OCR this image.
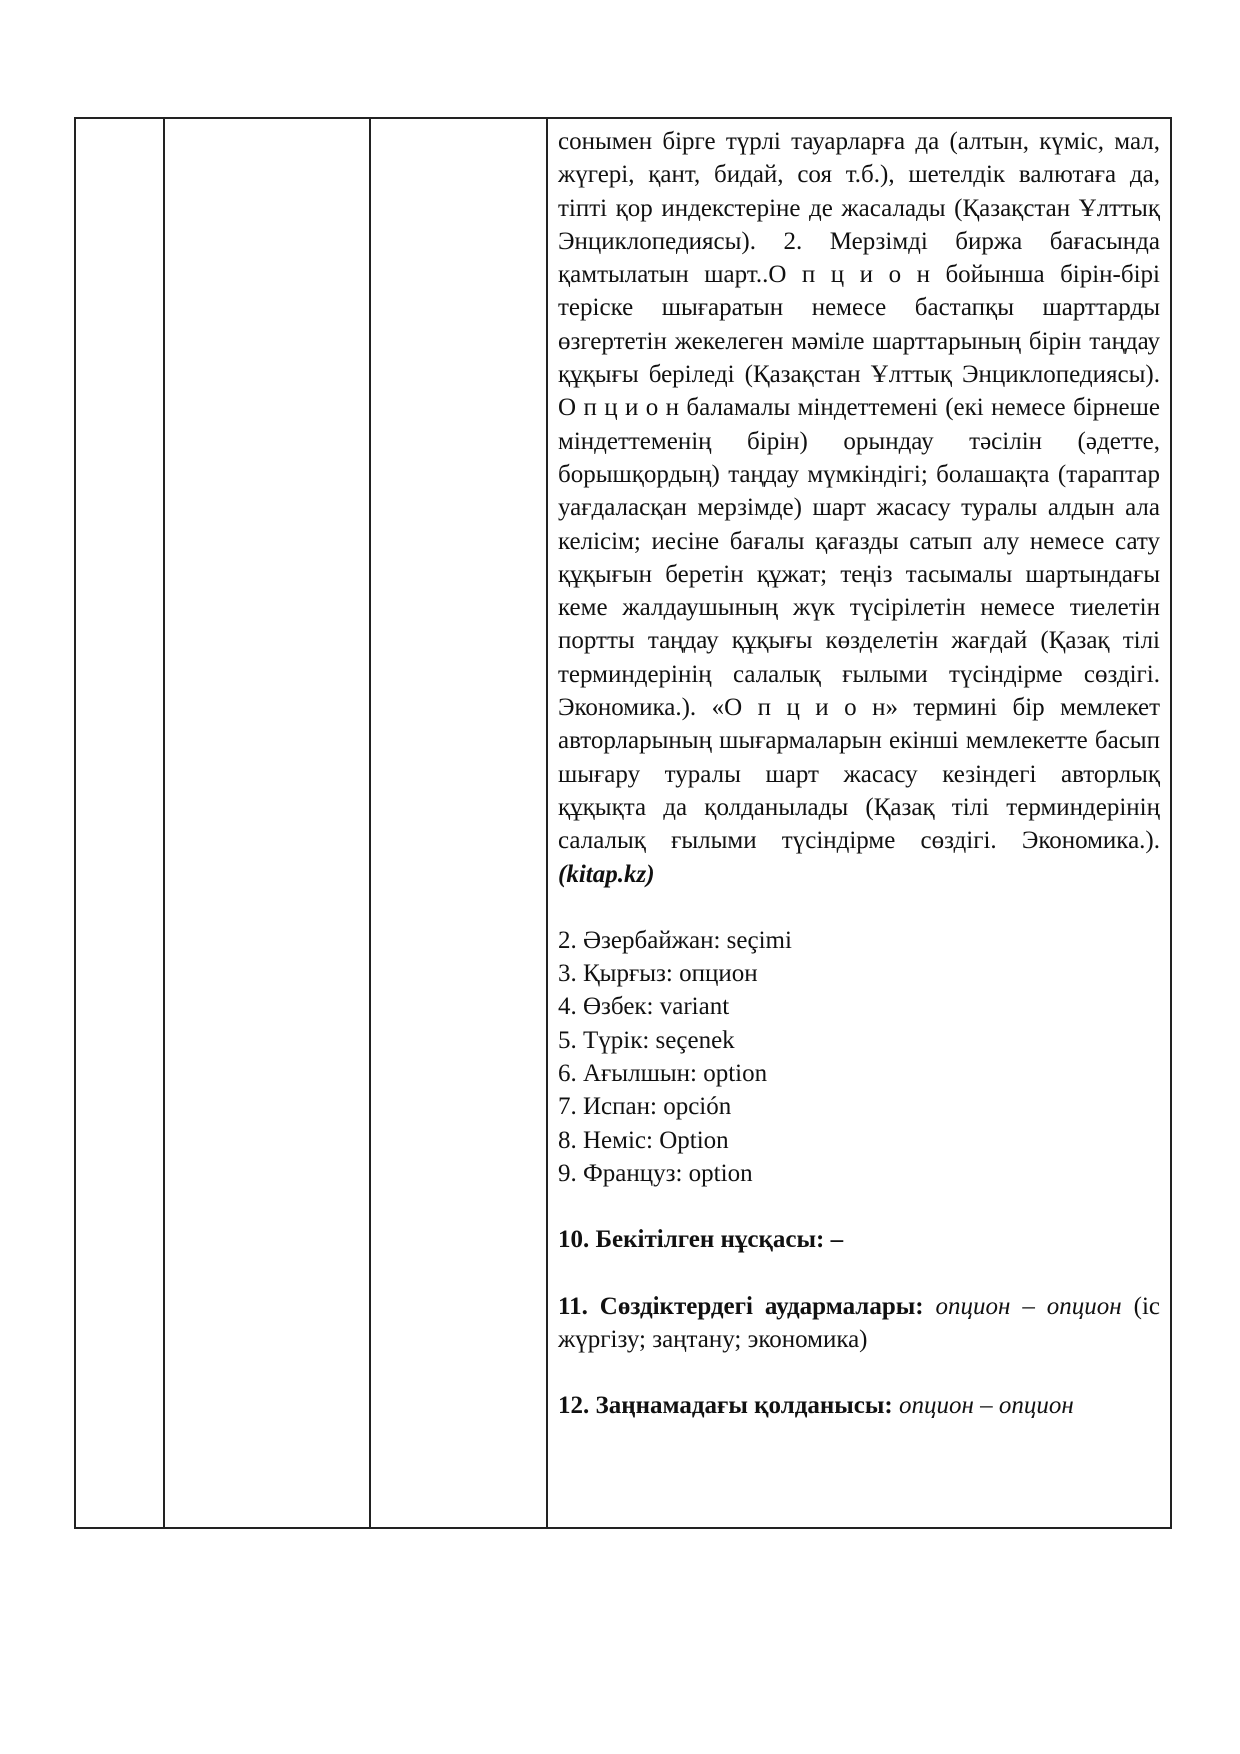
сонымен бірге түрлі тауарларға да (алтын, күміс, мал, жүгері, қант, бидай, соя т.б.), шетелдік валютаға да, тіпті қор индекстеріне де жасалады (Қазақстан Ұлттық Энциклопедиясы). 2. Мерзімді биржа бағасында қамтылатын шарт..О п ц и о н бойынша бірін-бірі теріске шығаратын немесе бастапқы шарттарды өзгертетін жекелеген мәміле шарттарының бірін таңдау құқығы беріледі (Қазақстан Ұлттық Энциклопедиясы). О п ц и о н баламалы міндеттемені (екі немесе бірнеше міндеттеменің бірін) орындау тәсілін (әдетте, борышқордың) таңдау мүмкіндігі; болашақта (тараптар уағдаласқан мерзімде) шарт жасасу туралы алдын ала келісім; иесіне бағалы қағазды сатып алу немесе сату құқығын беретін құжат; теңіз тасымалы шартындағы кеме жалдаушының жүк түсірілетін немесе тиелетін портты таңдау құқығы көзделетін жағдай (Қазақ тілі терминдерінің салалық ғылыми түсіндірме сөздігі. Экономика.). «О п ц и о н» термині бір мемлекет авторларының шығармаларын екінші мемлекетте басып шығару туралы шарт жасасу кезіндегі авторлық құқықта да қолданылады (Қазақ тілі терминдерінің салалық ғылыми түсіндірме сөздігі. Экономика.). (kitap.kz)

2. Әзербайжан: seçimi
3. Қырғыз: опцион
4. Өзбек: variant
5. Түрік: seçenek
6. Ағылшын: option
7. Испан: opción
8. Неміс: Option
9. Француз: option

10. Бекітілген нұсқасы: –

11. Сөздіктердегі аудармалары: опцион – опцион (іс жүргізу; заңтану; экономика)

12. Заңнамадағы қолданысы: опцион – опцион
